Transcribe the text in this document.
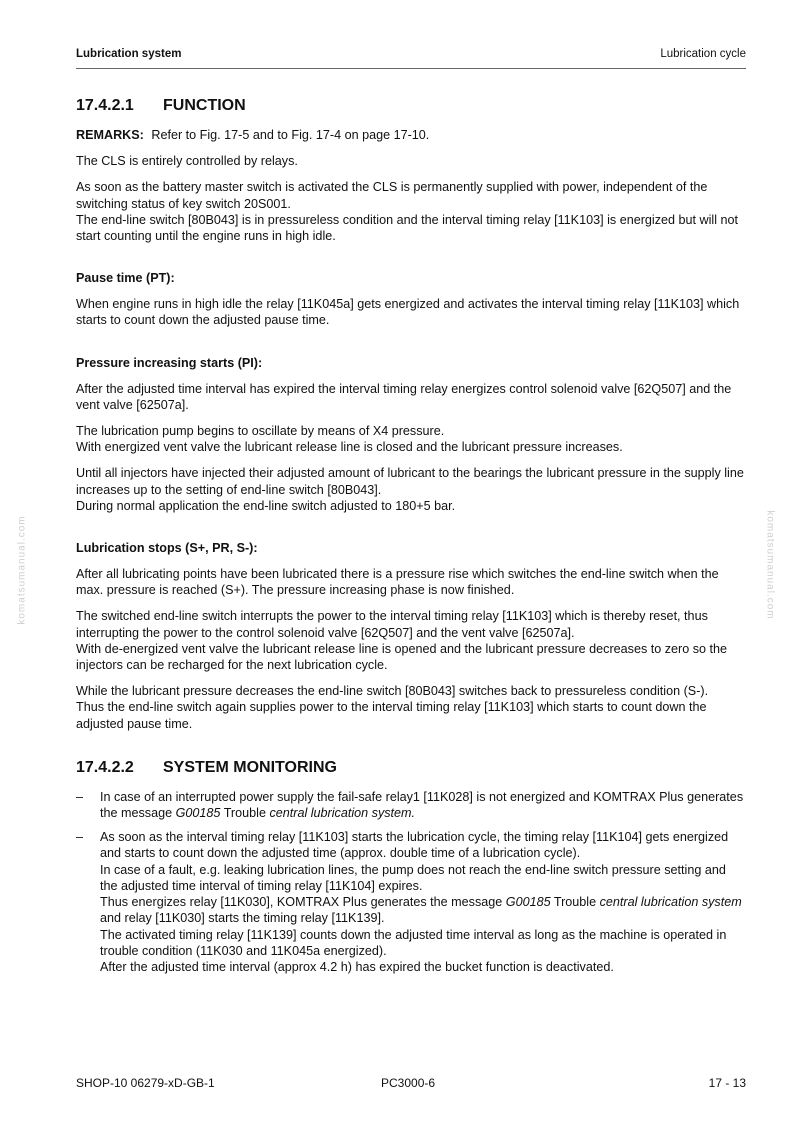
Lubrication system	Lubrication cycle
komatsumanual.com	komatsumanual.com
17.4.2.1 FUNCTION

REMARKS: Refer to Fig. 17-5 and to Fig. 17-4 on page 17-10.

The CLS is entirely controlled by relays.

As soon as the battery master switch is activated the CLS is permanently supplied with power, independent of the switching status of key switch 20S001.
The end-line switch [80B043] is in pressureless condition and the interval timing relay [11K103] is energized but will not start counting until the engine runs in high idle.

Pause time (PT):

When engine runs in high idle the relay [11K045a] gets energized and activates the interval timing relay [11K103] which starts to count down the adjusted pause time.

Pressure increasing starts (PI):

After the adjusted time interval has expired the interval timing relay energizes control solenoid valve [62Q507] and the vent valve [62507a].

The lubrication pump begins to oscillate by means of X4 pressure.
With energized vent valve the lubricant release line is closed and the lubricant pressure increases.

Until all injectors have injected their adjusted amount of lubricant to the bearings the lubricant pressure in the supply line increases up to the setting of end-line switch [80B043].
During normal application the end-line switch adjusted to 180+5 bar.

Lubrication stops (S+, PR, S-):

After all lubricating points have been lubricated there is a pressure rise which switches the end-line switch when the max. pressure is reached (S+). The pressure increasing phase is now finished.

The switched end-line switch interrupts the power to the interval timing relay [11K103] which is thereby reset, thus interrupting the power to the control solenoid valve [62Q507] and the vent valve [62507a].
With de-energized vent valve the lubricant release line is opened and the lubricant pressure decreases to zero so the injectors can be recharged for the next lubrication cycle.

While the lubricant pressure decreases the end-line switch [80B043] switches back to pressureless condition (S-).
Thus the end-line switch again supplies power to the interval timing relay [11K103] which starts to count down the adjusted pause time.

17.4.2.2 SYSTEM MONITORING
– In case of an interrupted power supply the fail-safe relay1 [11K028] is not energized and KOMTRAX Plus generates the message G00185 Trouble central lubrication system.
– As soon as the interval timing relay [11K103] starts the lubrication cycle, the timing relay [11K104] gets energized and starts to count down the adjusted time (approx. double time of a lubrication cycle).
In case of a fault, e.g. leaking lubrication lines, the pump does not reach the end-line switch pressure setting and the adjusted time interval of timing relay [11K104] expires.
Thus energizes relay [11K030], KOMTRAX Plus generates the message G00185 Trouble central lubrication system and relay [11K030] starts the timing relay [11K139].
The activated timing relay [11K139] counts down the adjusted time interval as long as the machine is operated in trouble condition (11K030 and 11K045a energized).
After the adjusted time interval (approx 4.2 h) has expired the bucket function is deactivated.
SHOP-10 06279-xD-GB-1	PC3000-6	17 - 13
